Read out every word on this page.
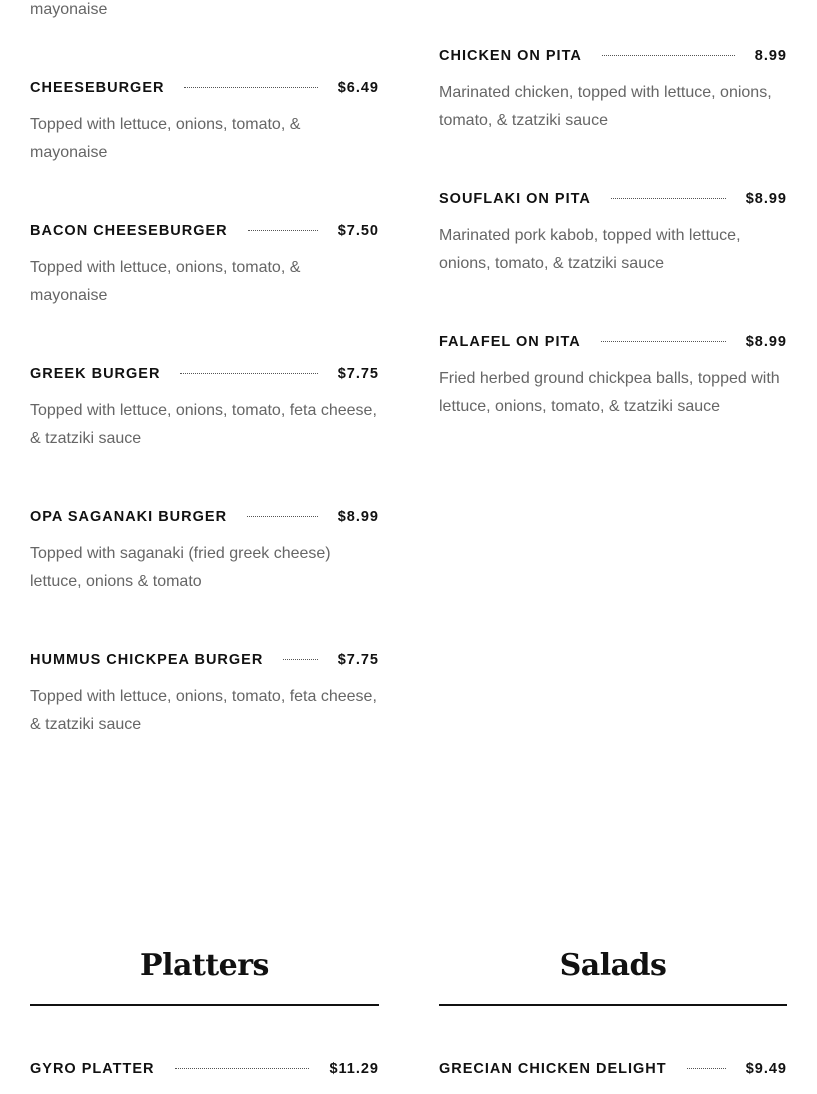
mayonaise
CHEESEBURGER	$6.49
Topped with lettuce, onions, tomato, & mayonaise
BACON CHEESEBURGER	$7.50
Topped with lettuce, onions, tomato, & mayonaise
GREEK BURGER	$7.75
Topped with lettuce, onions, tomato, feta cheese, & tzatziki sauce
OPA SAGANAKI BURGER	$8.99
Topped with saganaki (fried greek cheese) lettuce, onions & tomato
HUMMUS CHICKPEA BURGER	$7.75
Topped with lettuce, onions, tomato, feta cheese, & tzatziki sauce
CHICKEN ON PITA	8.99
Marinated chicken, topped with lettuce, onions, tomato, & tzatziki sauce
SOUFLAKI ON PITA	$8.99
Marinated pork kabob, topped with lettuce, onions, tomato, & tzatziki sauce
FALAFEL ON PITA	$8.99
Fried herbed ground chickpea balls, topped with lettuce, onions, tomato, & tzatziki sauce
Platters	Salads
GYRO PLATTER	$11.29	GRECIAN CHICKEN DELIGHT	$9.49
